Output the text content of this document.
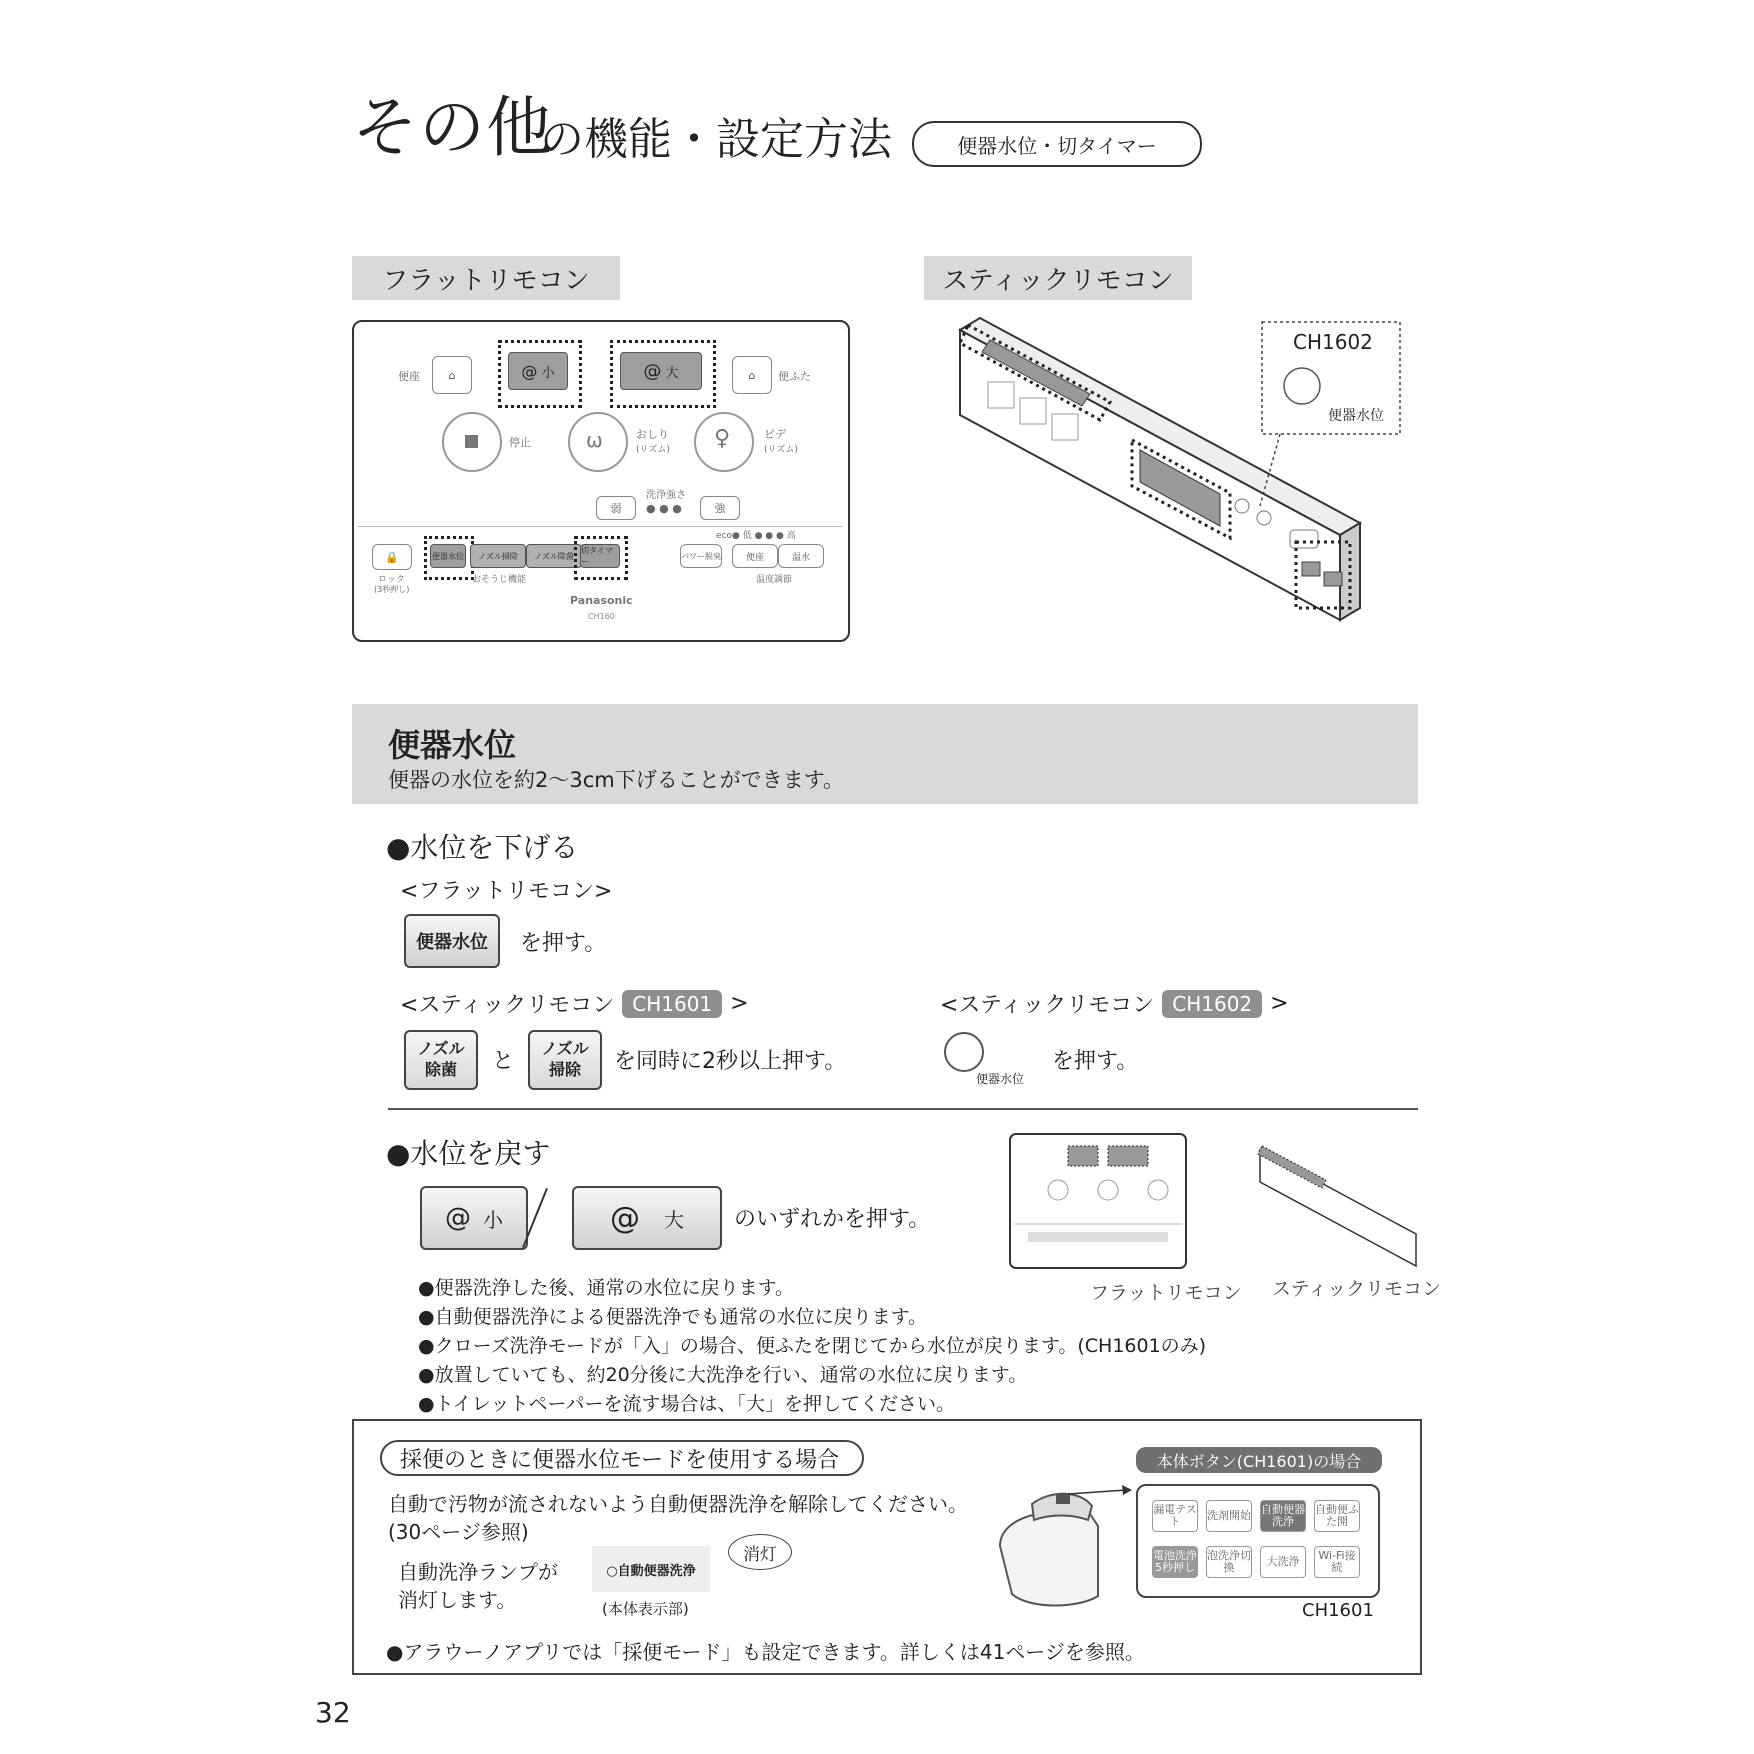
その他
の機能・設定方法	便器水位・切タイマー
フラットリモコン	スティックリモコン
便座	⌂	@
小	@
大	⌂ 便ふた
停止	ω	おしり
(リズム) ♀	ビデ
(リズム)
洗浄強さ
弱	● ● ●	強
eco● 低 ● ● ● 高
🔒
ロック
(3秒押し)
便器水位	ノズル掃除	ノズル除菌
おそうじ機能
切タイマー
パワー脱臭	便座	温水
温度調節
Panasonic
CH160
CH1602
便器水位
便器水位
便器の水位を約2～3cm下げることができます。
●水位を下げる
<フラットリモコン>
便器水位	を押す。
<スティックリモコン CH1601 >	<スティックリモコン CH1602 >
ノズル
除菌 と
ノズル
掃除 を同時に2秒以上押す。
便器水位
を押す。
●水位を戻す
@ 小	@ 大 のいずれかを押す。
フラットリモコン スティックリモコン
●便器洗浄した後、通常の水位に戻ります。
●自動便器洗浄による便器洗浄でも通常の水位に戻ります。
●クローズ洗浄モードが「入」の場合、便ふたを閉じてから水位が戻ります。(CH1601のみ)
●放置していても、約20分後に大洗浄を行い、通常の水位に戻ります。
●トイレットペーパーを流す場合は、「大」を押してください。
採便のときに便器水位モードを使用する場合
自動で汚物が流されないよう自動便器洗浄を解除してください。
(30ページ参照)
自動洗浄ランプが
消灯します。
○自動便器洗浄
消灯
(本体表示部)
本体ボタン(CH1601)の場合
漏電テスト	洗剤開始 自動便器洗浄
自動便ふた開
電池洗浄5秒押し
泡洗浄切換	大洗浄	Wi-Fi接続
CH1601
●アラウーノアプリでは「採便モード」も設定できます。詳しくは41ページを参照。
32
